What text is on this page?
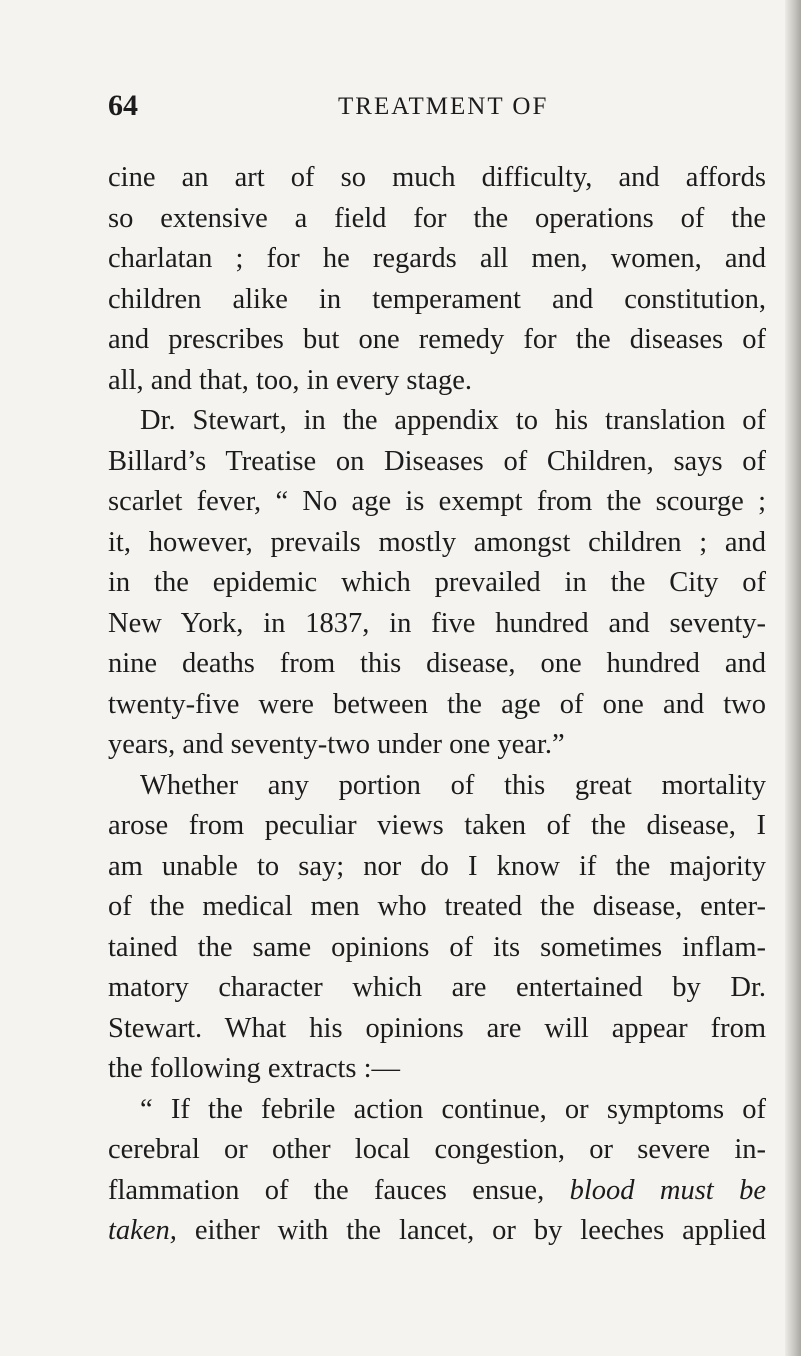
64	TREATMENT OF
cine an art of so much difficulty, and affords
so extensive a field for the operations of the
charlatan ; for he regards all men, women, and
children alike in temperament and constitution,
and prescribes but one remedy for the diseases of
all, and that, too, in every stage.
Dr. Stewart, in the appendix to his translation of
Billard’s Treatise on Diseases of Children, says of
scarlet fever, “ No age is exempt from the scourge ;
it, however, prevails mostly amongst children ; and
in the epidemic which prevailed in the City of
New York, in 1837, in five hundred and seventy-
nine deaths from this disease, one hundred and
twenty-five were between the age of one and two
years, and seventy-two under one year.”
Whether any portion of this great mortality
arose from peculiar views taken of the disease, I
am unable to say; nor do I know if the majority
of the medical men who treated the disease, enter-
tained the same opinions of its sometimes inflam-
matory character which are entertained by Dr.
Stewart. What his opinions are will appear from
the following extracts :—
“ If the febrile action continue, or symptoms of
cerebral or other local congestion, or severe in-
flammation of the fauces ensue, blood must be
taken, either with the lancet, or by leeches applied
